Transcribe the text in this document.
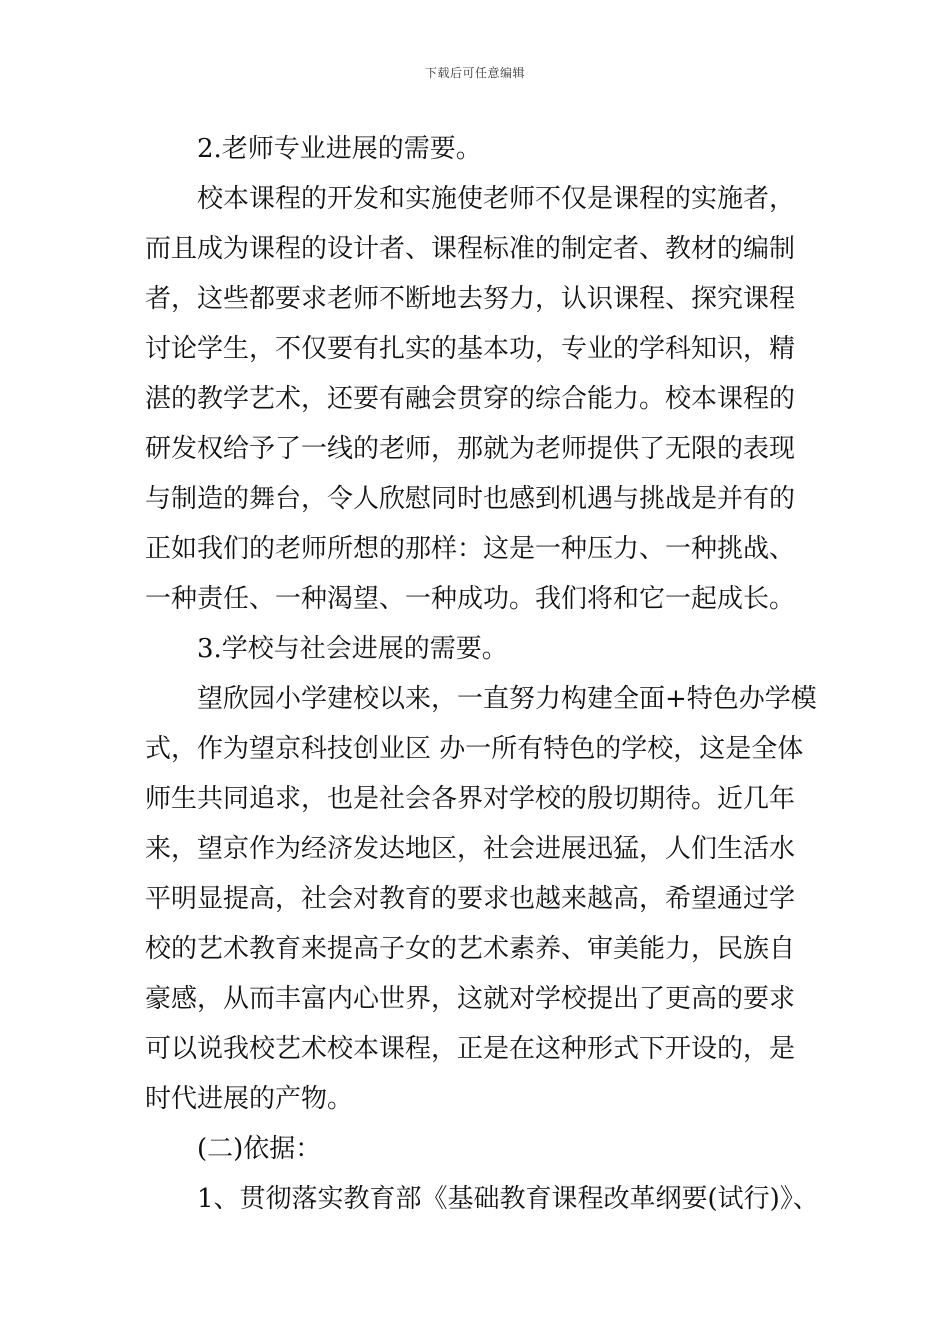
下载后可任意编辑
2.老师专业进展的需要。
校本课程的开发和实施使老师不仅是课程的实施者，
而且成为课程的设计者、课程标准的制定者、教材的编制
者，这些都要求老师不断地去努力，认识课程、探究课程
讨论学生，不仅要有扎实的基本功，专业的学科知识，精
湛的教学艺术，还要有融会贯穿的综合能力。校本课程的
研发权给予了一线的老师，那就为老师提供了无限的表现
与制造的舞台，令人欣慰同时也感到机遇与挑战是并有的
正如我们的老师所想的那样：这是一种压力、一种挑战、
一种责任、一种渴望、一种成功。我们将和它一起成长。
3.学校与社会进展的需要。
望欣园小学建校以来，一直努力构建全面+特色办学模
式，作为望京科技创业区 办一所有特色的学校，这是全体
师生共同追求，也是社会各界对学校的殷切期待。近几年
来，望京作为经济发达地区，社会进展迅猛，人们生活水
平明显提高，社会对教育的要求也越来越高，希望通过学
校的艺术教育来提高子女的艺术素养、审美能力，民族自
豪感，从而丰富内心世界，这就对学校提出了更高的要求
可以说我校艺术校本课程，正是在这种形式下开设的，是
时代进展的产物。
(二)依据：
1、贯彻落实教育部《基础教育课程改革纲要(试行)》、
